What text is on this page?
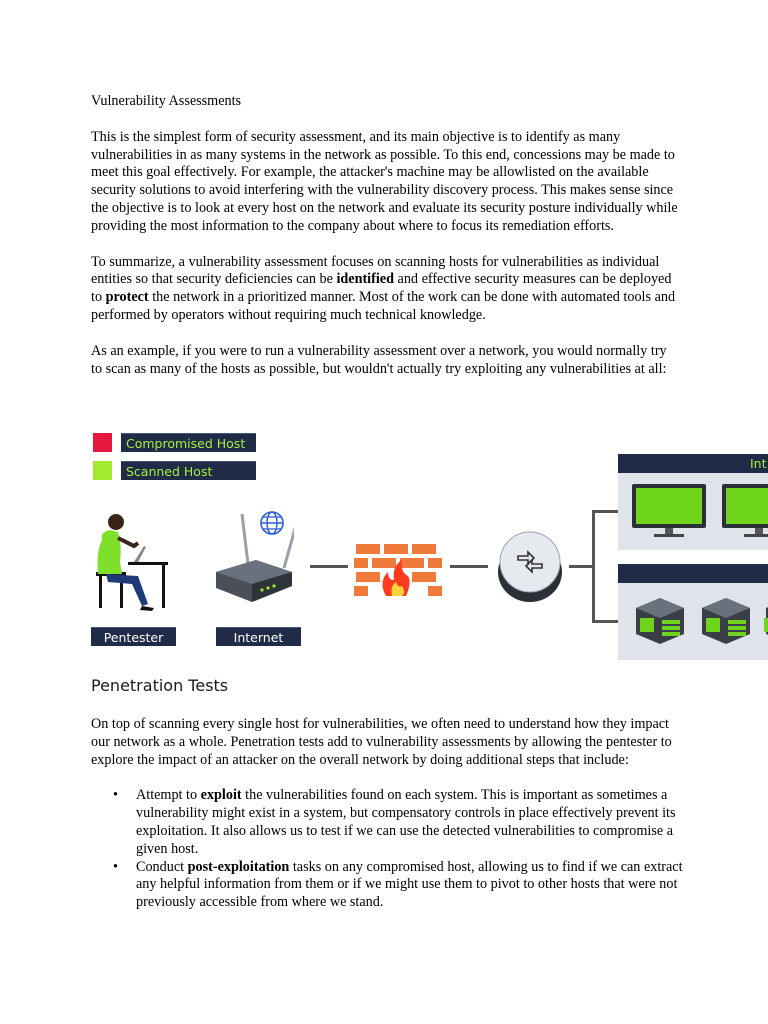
Vulnerability Assessments

This is the simplest form of security assessment, and its main objective is to identify as many vulnerabilities in as many systems in the network as possible. To this end, concessions may be made to meet this goal effectively. For example, the attacker's machine may be allowlisted on the available security solutions to avoid interfering with the vulnerability discovery process. This makes sense since the objective is to look at every host on the network and evaluate its security posture individually while providing the most information to the company about where to focus its remediation efforts.

To summarize, a vulnerability assessment focuses on scanning hosts for vulnerabilities as individual entities so that security deficiencies can be identified and effective security measures can be deployed to protect the network in a prioritized manner. Most of the work can be done with automated tools and performed by operators without requiring much technical knowledge.

As an example, if you were to run a vulnerability assessment over a network, you would normally try to scan as many of the hosts as possible, but wouldn't actually try exploiting any vulnerabilities at all:

Compromised Host
Scanned Host
Pentester	Internet
Int
Penetration Tests

On top of scanning every single host for vulnerabilities, we often need to understand how they impact our network as a whole. Penetration tests add to vulnerability assessments by allowing the pentester to explore the impact of an attacker on the overall network by doing additional steps that include:

• Attempt to exploit the vulnerabilities found on each system. This is important as sometimes a vulnerability might exist in a system, but compensatory controls in place effectively prevent its exploitation. It also allows us to test if we can use the detected vulnerabilities to compromise a given host.
• Conduct post-exploitation tasks on any compromised host, allowing us to find if we can extract any helpful information from them or if we might use them to pivot to other hosts that were not previously accessible from where we stand.
